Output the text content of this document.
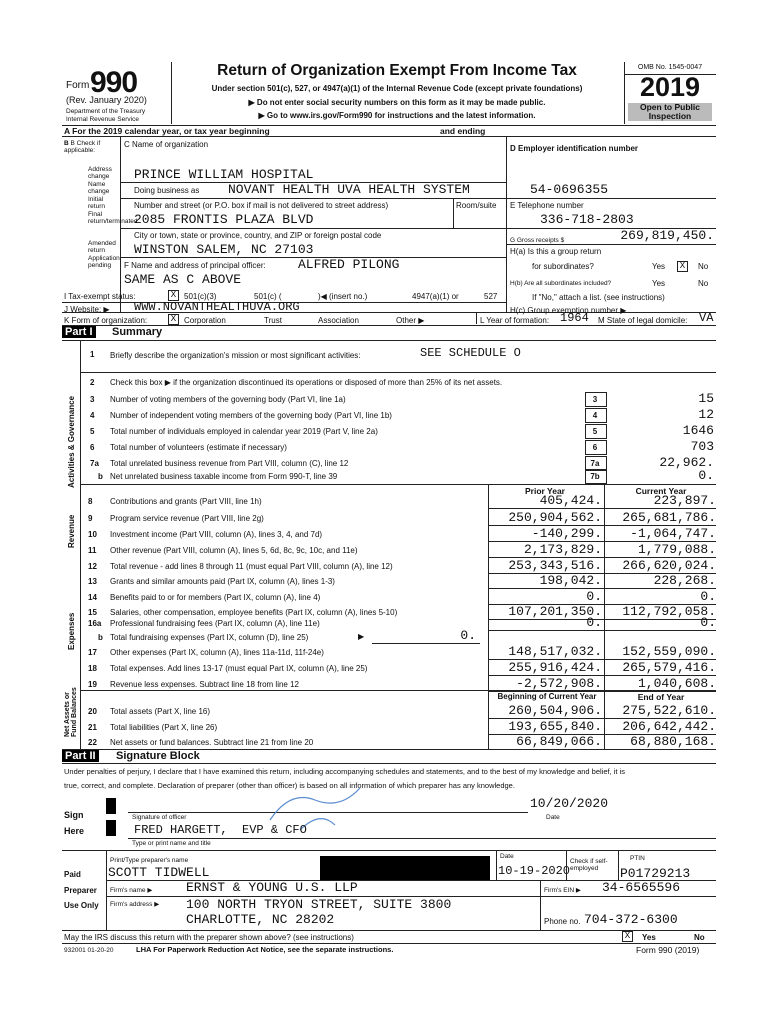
Form 990
(Rev. January 2020)
Department of the Treasury
Internal Revenue Service
Return of Organization Exempt From Income Tax
Under section 501(c), 527, or 4947(a)(1) of the Internal Revenue Code (except private foundations)
▶ Do not enter social security numbers on this form as it may be made public.
▶ Go to www.irs.gov/Form990 for instructions and the latest information.
OMB No. 1545-0047
2019
Open to Public Inspection
A For the 2019 calendar year, or tax year beginning	and ending
B B Check if applicable:
Address change
Name change
Initial return
Final return/terminated
Amended return
Application pending
C Name of organization
PRINCE WILLIAM HOSPITAL
Doing business as NOVANT HEALTH UVA HEALTH SYSTEM
Number and street (or P.O. box if mail is not delivered to street address)	Room/suite
2085 FRONTIS PLAZA BLVD
City or town, state or province, country, and ZIP or foreign postal code
WINSTON SALEM, NC 27103
F Name and address of principal officer: ALFRED PILONG
SAME AS C ABOVE
D Employer identification number
54-0696355
E Telephone number
336-718-2803
G Gross receipts $	269,819,450.
H(a) Is this a group return
for subordinates?	Yes	X	No
H(b) Are all subordinates included?	Yes	No
If "No," attach a list. (see instructions)
I Tax-exempt status:	X 501(c)(3)	501(c) (	)◀ (insert no.)	4947(a)(1) or	527
J Website: ▶ WWW.NOVANTHEALTHUVA.ORG	H(c) Group exemption number ▶
K Form of organization:	X Corporation	Trust	Association	Other ▶	L Year of formation: 1964 M State of legal domicile: VA
Part I Summary
Activities & Governance
Revenue
Expenses
Net Assets or Fund Balances
1 Briefly describe the organization's mission or most significant activities:	SEE SCHEDULE O
2 Check this box ▶ if the organization discontinued its operations or disposed of more than 25% of its net assets.
3 Number of voting members of the governing body (Part VI, line 1a)	3	15
4 Number of independent voting members of the governing body (Part VI, line 1b)	4	12
5 Total number of individuals employed in calendar year 2019 (Part V, line 2a)	5	1646
6 Total number of volunteers (estimate if necessary)	6	703
7a Total unrelated business revenue from Part VIII, column (C), line 12	7a	22,962.
b Net unrelated business taxable income from Form 990-T, line 39	7b	0.
Prior Year	Current Year
8 Contributions and grants (Part VIII, line 1h)	405,424.	223,897.
9 Program service revenue (Part VIII, line 2g)	250,904,562.	265,681,786.
10 Investment income (Part VIII, column (A), lines 3, 4, and 7d)	-140,299.	-1,064,747.
11 Other revenue (Part VIII, column (A), lines 5, 6d, 8c, 9c, 10c, and 11e)	2,173,829.	1,779,088.
12 Total revenue - add lines 8 through 11 (must equal Part VIII, column (A), line 12)	253,343,516.	266,620,024.
13 Grants and similar amounts paid (Part IX, column (A), lines 1-3)	198,042.	228,268.
14 Benefits paid to or for members (Part IX, column (A), line 4)	0.	0.
15 Salaries, other compensation, employee benefits (Part IX, column (A), lines 5-10)	107,201,350.	112,792,058.
16a Professional fundraising fees (Part IX, column (A), line 11e)	0.	0.
17 Other expenses (Part IX, column (A), lines 11a-11d, 11f-24e)	148,517,032.	152,559,090.
18 Total expenses. Add lines 13-17 (must equal Part IX, column (A), line 25)	255,916,424.	265,579,416.
19 Revenue less expenses. Subtract line 18 from line 12	-2,572,908.	1,040,608.
20 Total assets (Part X, line 16)	260,504,906.	275,522,610.
21 Total liabilities (Part X, line 26)	193,655,840.	206,642,442.
22 Net assets or fund balances. Subtract line 21 from line 20	66,849,066.	68,880,168.
b Total fundraising expenses (Part IX, column (D), line 25)	▶	0.
Beginning of Current Year	End of Year
Part II Signature Block
Under penalties of perjury, I declare that I have examined this return, including accompanying schedules and statements, and to the best of my knowledge and belief, it is
true, correct, and complete. Declaration of preparer (other than officer) is based on all information of which preparer has any knowledge.
Sign
Here
Signature of officer
10/20/2020
Date
FRED HARGETT,  EVP & CFO
Type or print name and title
Paid
Preparer
Use Only
Print/Type preparer's name
SCOTT TIDWELL
Date
10-19-2020
Check if self-employed
PTIN
P01729213
Firm's name ▶	ERNST & YOUNG U.S. LLP	Firm's EIN ▶ 34-6565596
Firm's address ▶ 100 NORTH TRYON STREET, SUITE 3800
CHARLOTTE, NC 28202	Phone no. 704-372-6300
May the IRS discuss this return with the preparer shown above? (see instructions)	X	Yes	No
932001 01-20-20	LHA For Paperwork Reduction Act Notice, see the separate instructions.	Form 990 (2019)
